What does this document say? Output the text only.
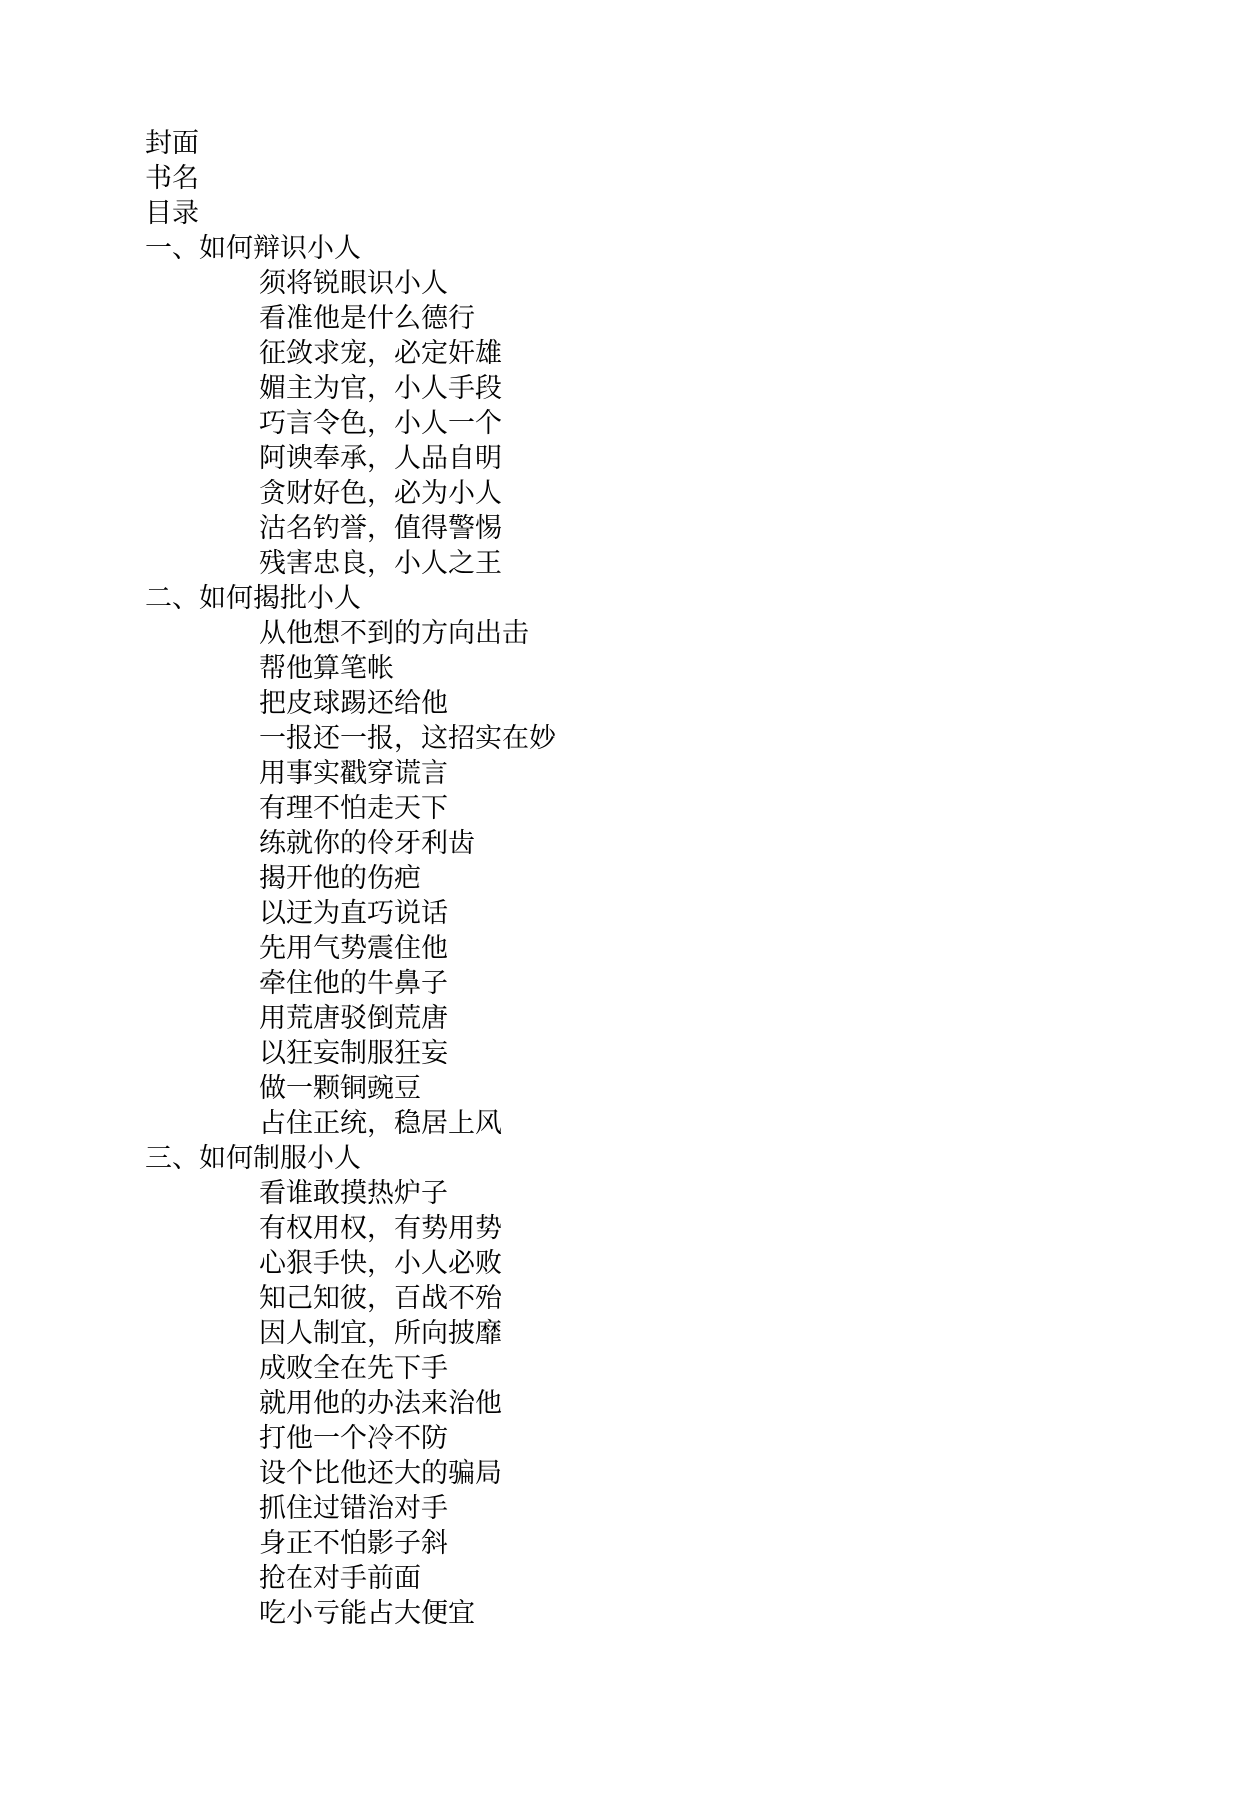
封面
书名
目录
一、如何辩识小人
须将锐眼识小人
看准他是什么德行
征敛求宠，必定奸雄
媚主为官，小人手段
巧言令色，小人一个
阿谀奉承，人品自明
贪财好色，必为小人
沽名钓誉，值得警惕
残害忠良，小人之王
二、如何揭批小人
从他想不到的方向出击
帮他算笔帐
把皮球踢还给他
一报还一报，这招实在妙
用事实戳穿谎言
有理不怕走天下
练就你的伶牙利齿
揭开他的伤疤
以迂为直巧说话
先用气势震住他
牵住他的牛鼻子
用荒唐驳倒荒唐
以狂妄制服狂妄
做一颗铜豌豆
占住正统，稳居上风
三、如何制服小人
看谁敢摸热炉子
有权用权，有势用势
心狠手快，小人必败
知己知彼，百战不殆
因人制宜，所向披靡
成败全在先下手
就用他的办法来治他
打他一个冷不防
设个比他还大的骗局
抓住过错治对手
身正不怕影子斜
抢在对手前面
吃小亏能占大便宜
